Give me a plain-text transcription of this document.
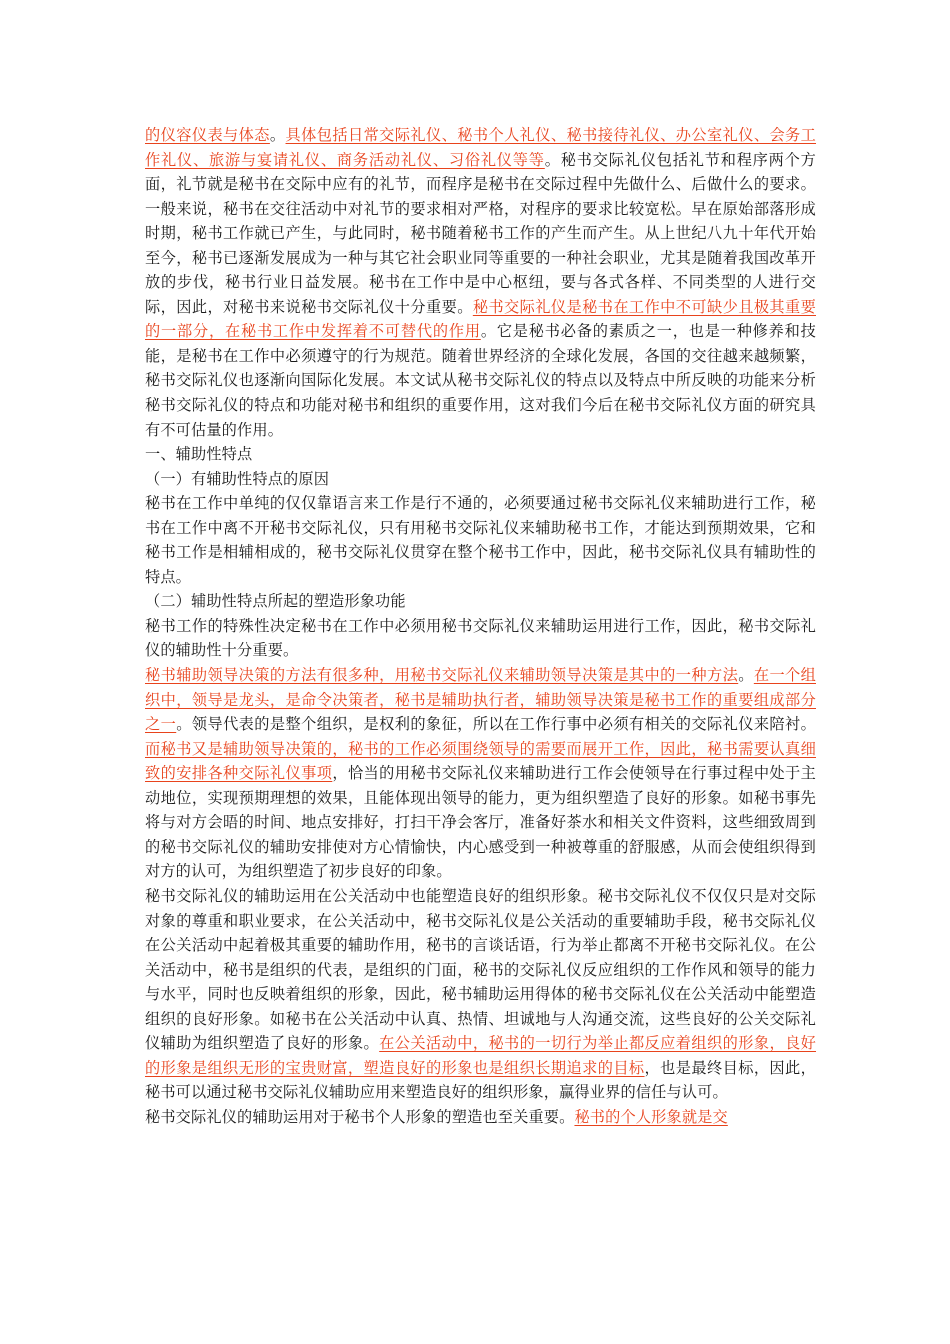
的仪容仪表与体态。具体包括日常交际礼仪、秘书个人礼仪、秘书接待礼仪、办公室礼仪、会务工作礼仪、旅游与宴请礼仪、商务活动礼仪、习俗礼仪等等。秘书交际礼仪包括礼节和程序两个方面，礼节就是秘书在交际中应有的礼节，而程序是秘书在交际过程中先做什么、后做什么的要求。一般来说，秘书在交往活动中对礼节的要求相对严格，对程序的要求比较宽松。早在原始部落形成时期，秘书工作就已产生，与此同时，秘书随着秘书工作的产生而产生。从上世纪八九十年代开始至今，秘书已逐渐发展成为一种与其它社会职业同等重要的一种社会职业，尤其是随着我国改革开放的步伐，秘书行业日益发展。秘书在工作中是中心枢纽，要与各式各样、不同类型的人进行交际，因此，对秘书来说秘书交际礼仪十分重要。秘书交际礼仪是秘书在工作中不可缺少且极其重要的一部分，在秘书工作中发挥着不可替代的作用。它是秘书必备的素质之一，也是一种修养和技能，是秘书在工作中必须遵守的行为规范。随着世界经济的全球化发展，各国的交往越来越频繁，秘书交际礼仪也逐渐向国际化发展。本文试从秘书交际礼仪的特点以及特点中所反映的功能来分析秘书交际礼仪的特点和功能对秘书和组织的重要作用，这对我们今后在秘书交际礼仪方面的研究具有不可估量的作用。

一、辅助性特点

（一）有辅助性特点的原因

秘书在工作中单纯的仅仅靠语言来工作是行不通的，必须要通过秘书交际礼仪来辅助进行工作，秘书在工作中离不开秘书交际礼仪，只有用秘书交际礼仪来辅助秘书工作，才能达到预期效果，它和秘书工作是相辅相成的，秘书交际礼仪贯穿在整个秘书工作中，因此，秘书交际礼仪具有辅助性的特点。

（二）辅助性特点所起的塑造形象功能

秘书工作的特殊性决定秘书在工作中必须用秘书交际礼仪来辅助运用进行工作，因此，秘书交际礼仪的辅助性十分重要。

秘书辅助领导决策的方法有很多种，用秘书交际礼仪来辅助领导决策是其中的一种方法。在一个组织中，领导是龙头，是命令决策者，秘书是辅助执行者，辅助领导决策是秘书工作的重要组成部分之一。领导代表的是整个组织，是权利的象征，所以在工作行事中必须有相关的交际礼仪来陪衬。而秘书又是辅助领导决策的，秘书的工作必须围绕领导的需要而展开工作，因此，秘书需要认真细致的安排各种交际礼仪事项，恰当的用秘书交际礼仪来辅助进行工作会使领导在行事过程中处于主动地位，实现预期理想的效果，且能体现出领导的能力，更为组织塑造了良好的形象。如秘书事先将与对方会晤的时间、地点安排好，打扫干净会客厅，准备好茶水和相关文件资料，这些细致周到的秘书交际礼仪的辅助安排使对方心情愉快，内心感受到一种被尊重的舒服感，从而会使组织得到对方的认可，为组织塑造了初步良好的印象。

秘书交际礼仪的辅助运用在公关活动中也能塑造良好的组织形象。秘书交际礼仪不仅仅只是对交际对象的尊重和职业要求，在公关活动中，秘书交际礼仪是公关活动的重要辅助手段，秘书交际礼仪在公关活动中起着极其重要的辅助作用，秘书的言谈话语，行为举止都离不开秘书交际礼仪。在公关活动中，秘书是组织的代表，是组织的门面，秘书的交际礼仪反应组织的工作作风和领导的能力与水平，同时也反映着组织的形象，因此，秘书辅助运用得体的秘书交际礼仪在公关活动中能塑造组织的良好形象。如秘书在公关活动中认真、热情、坦诚地与人沟通交流，这些良好的公关交际礼仪辅助为组织塑造了良好的形象。在公关活动中，秘书的一切行为举止都反应着组织的形象，良好的形象是组织无形的宝贵财富，塑造良好的形象也是组织长期追求的目标，也是最终目标，因此，秘书可以通过秘书交际礼仪辅助应用来塑造良好的组织形象，赢得业界的信任与认可。

秘书交际礼仪的辅助运用对于秘书个人形象的塑造也至关重要。秘书的个人形象就是交
